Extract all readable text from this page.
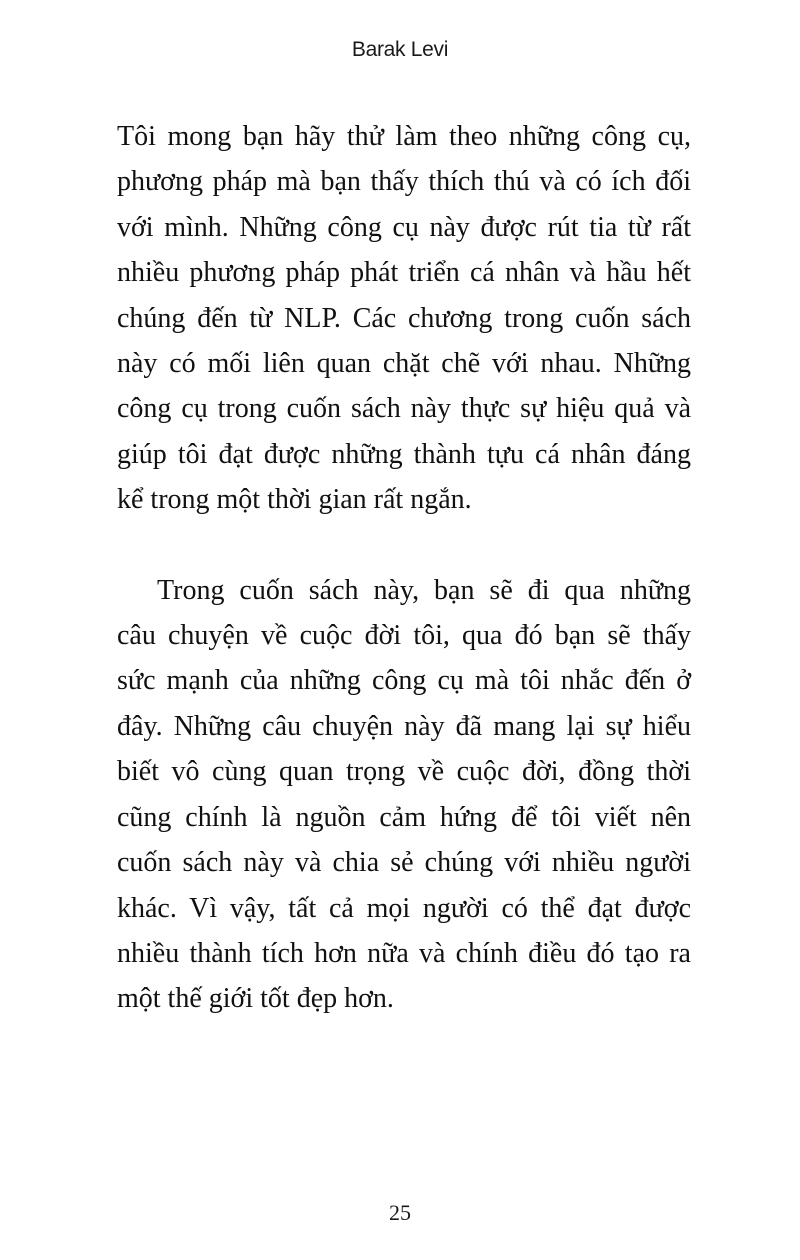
Barak Levi

Tôi mong bạn hãy thử làm theo những công cụ,
phương pháp mà bạn thấy thích thú và có ích đối
với mình. Những công cụ này được rút tia từ rất
nhiều phương pháp phát triển cá nhân và hầu hết
chúng đến từ NLP. Các chương trong cuốn sách
này có mối liên quan chặt chẽ với nhau. Những
công cụ trong cuốn sách này thực sự hiệu quả và
giúp tôi đạt được những thành tựu cá nhân đáng
kể trong một thời gian rất ngắn.

Trong cuốn sách này, bạn sẽ đi qua những
câu chuyện về cuộc đời tôi, qua đó bạn sẽ thấy
sức mạnh của những công cụ mà tôi nhắc đến ở
đây. Những câu chuyện này đã mang lại sự hiểu
biết vô cùng quan trọng về cuộc đời, đồng thời
cũng chính là nguồn cảm hứng để tôi viết nên
cuốn sách này và chia sẻ chúng với nhiều người
khác. Vì vậy, tất cả mọi người có thể đạt được
nhiều thành tích hơn nữa và chính điều đó tạo ra
một thế giới tốt đẹp hơn.

25
